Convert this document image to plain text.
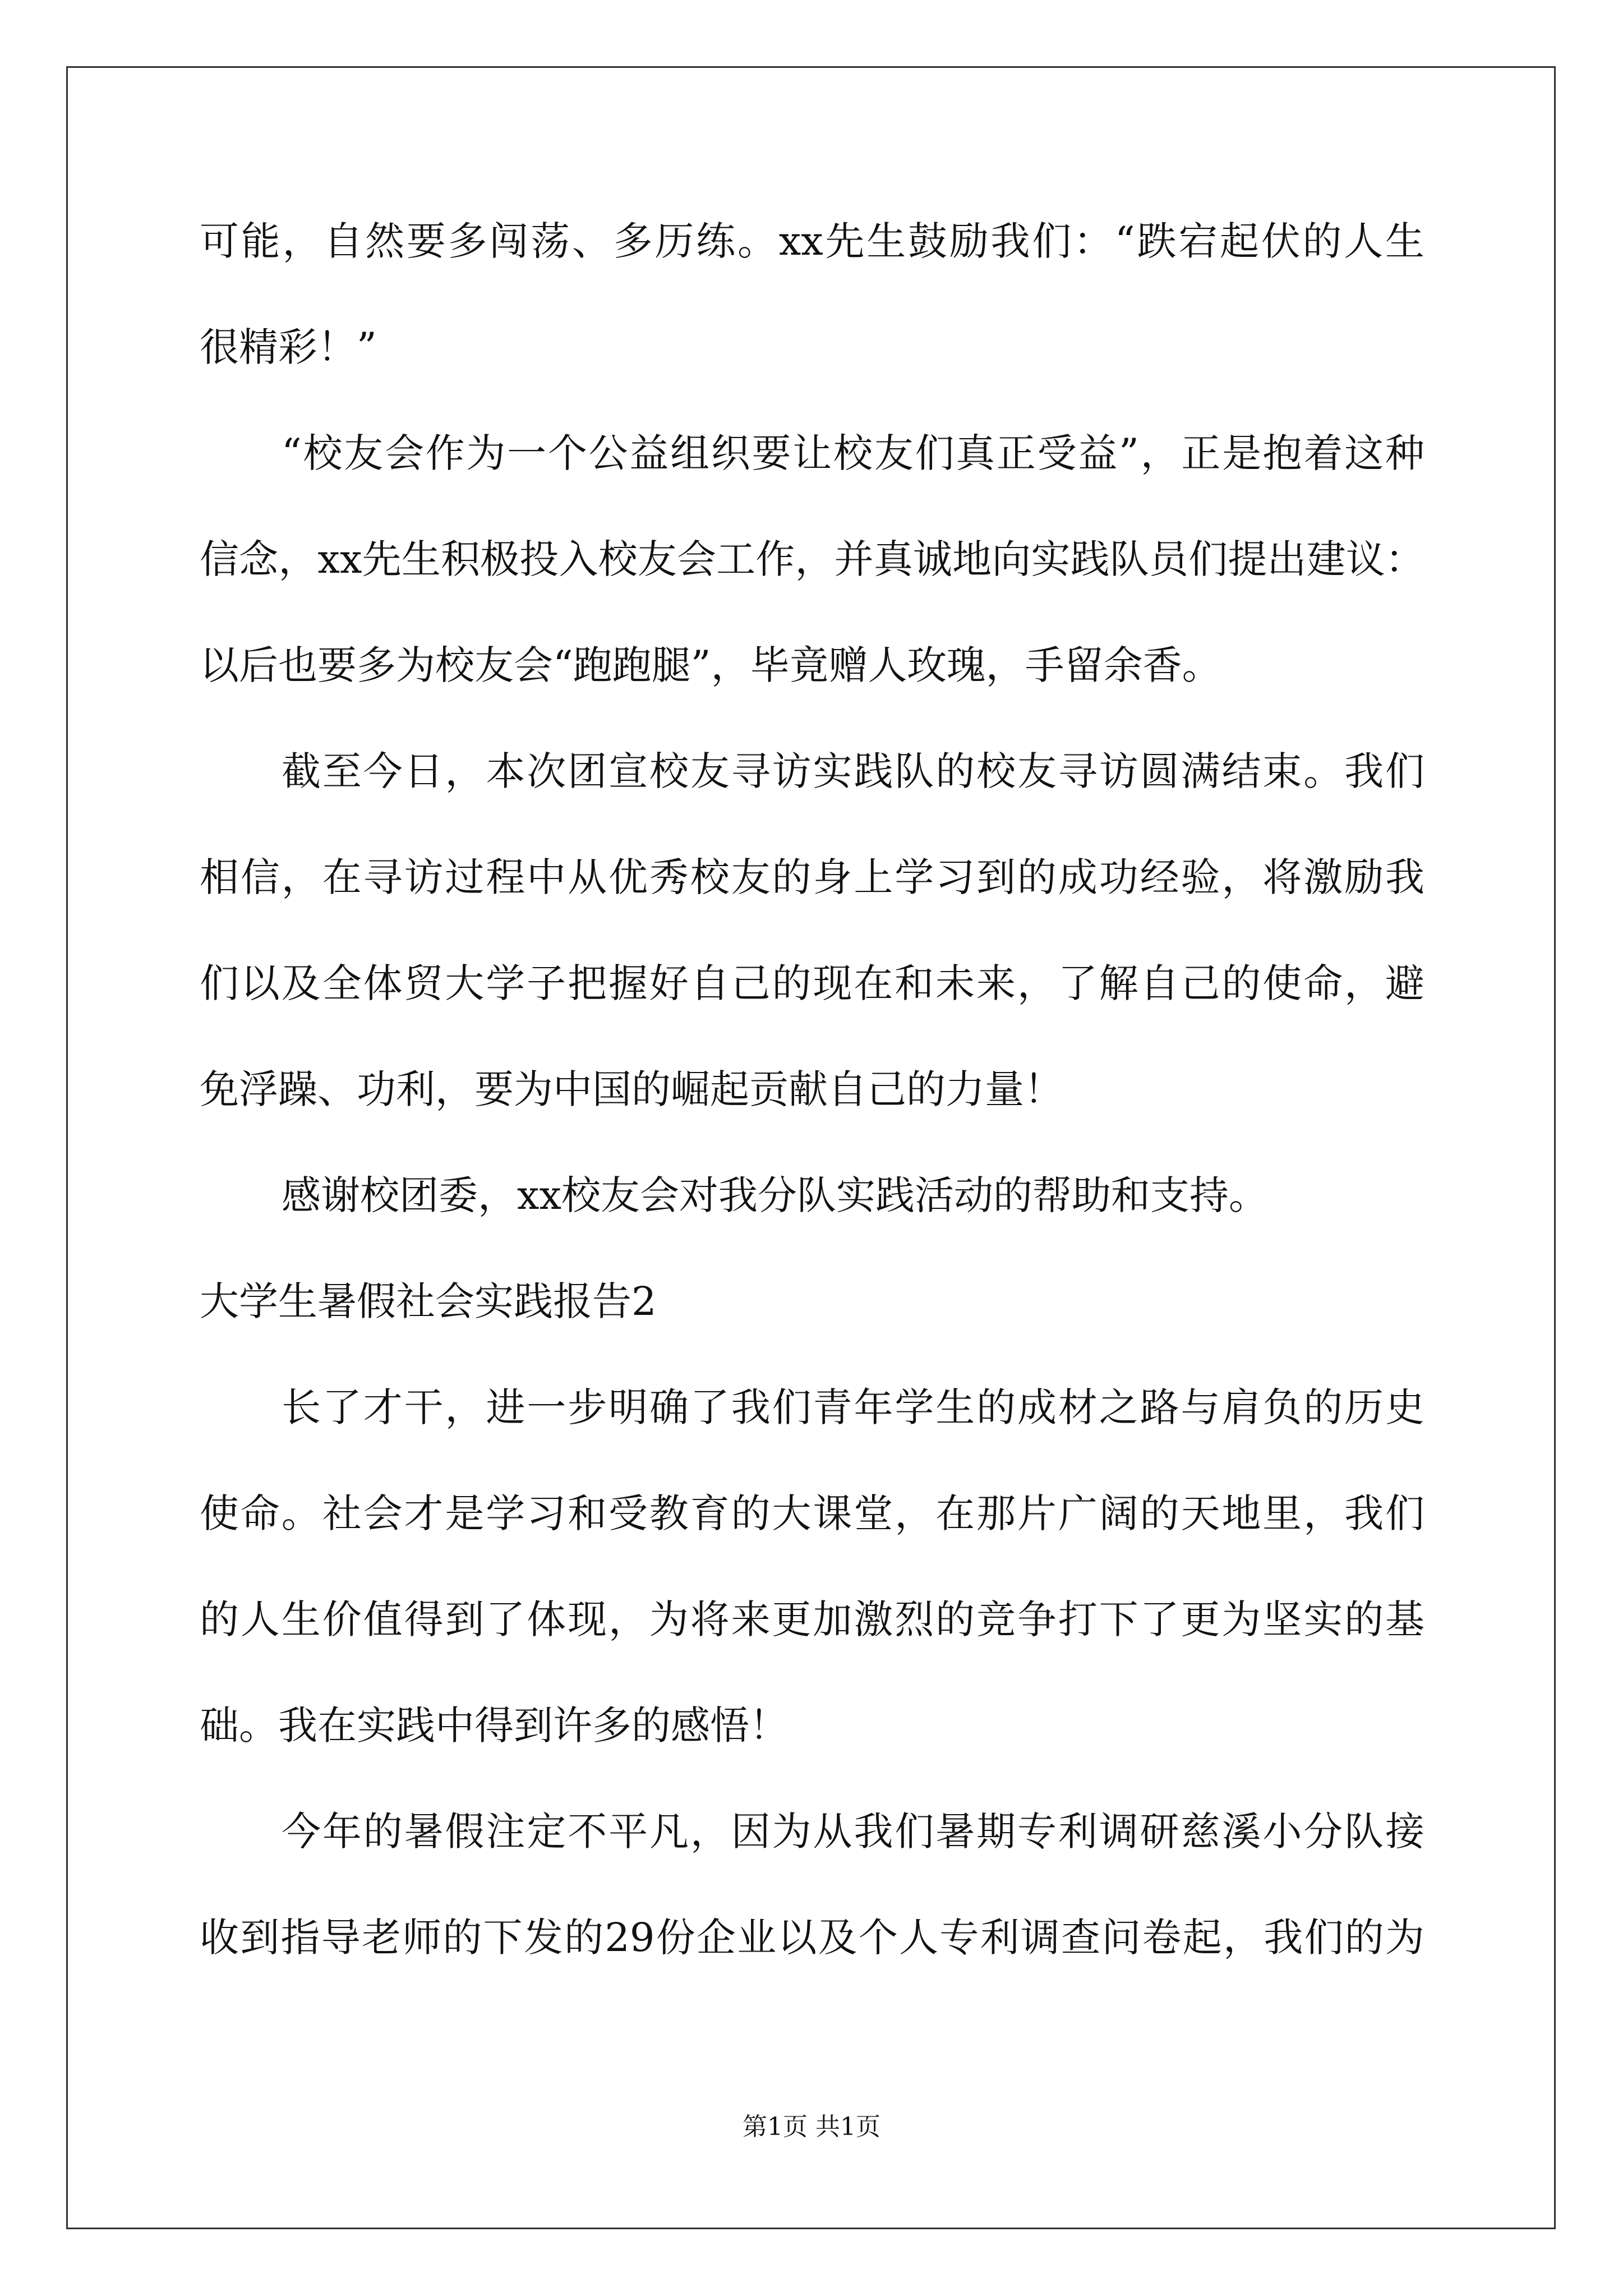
可能，自然要多闯荡、多历练。xx先生鼓励我们：“跌宕起伏的人生
很精彩！”
“校友会作为一个公益组织要让校友们真正受益”，正是抱着这种
信念，xx先生积极投入校友会工作，并真诚地向实践队员们提出建议：
以后也要多为校友会“跑跑腿”，毕竟赠人玫瑰，手留余香。
截至今日，本次团宣校友寻访实践队的校友寻访圆满结束。我们
相信，在寻访过程中从优秀校友的身上学习到的成功经验，将激励我
们以及全体贸大学子把握好自己的现在和未来，了解自己的使命，避
免浮躁、功利，要为中国的崛起贡献自己的力量！
感谢校团委，xx校友会对我分队实践活动的帮助和支持。
大学生暑假社会实践报告2
长了才干，进一步明确了我们青年学生的成材之路与肩负的历史
使命。社会才是学习和受教育的大课堂，在那片广阔的天地里，我们
的人生价值得到了体现，为将来更加激烈的竞争打下了更为坚实的基
础。我在实践中得到许多的感悟！
今年的暑假注定不平凡，因为从我们暑期专利调研慈溪小分队接
收到指导老师的下发的29份企业以及个人专利调查问卷起，我们的为
第1页 共1页
